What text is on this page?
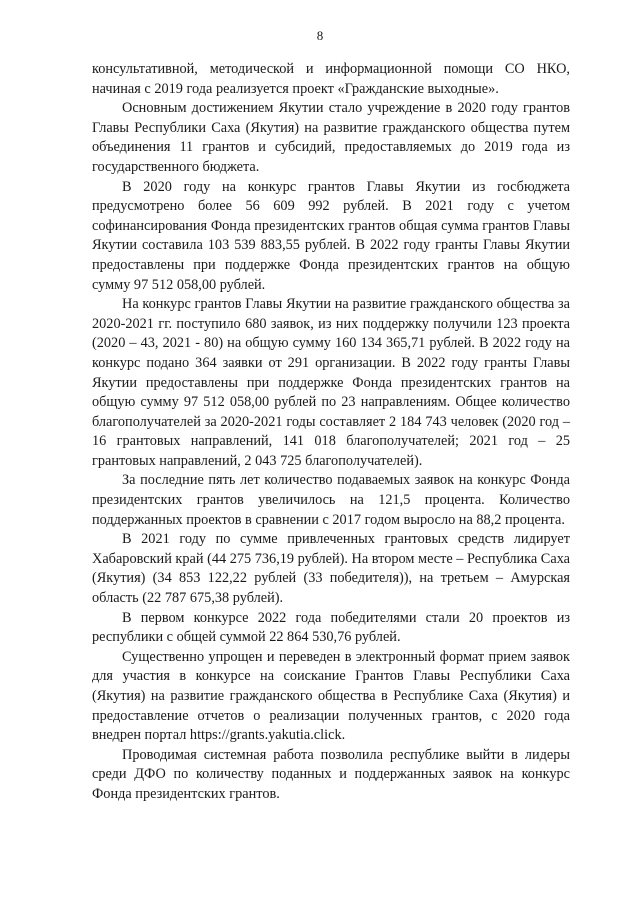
8

консультативной, методической и информационной помощи СО НКО, начиная с 2019 года реализуется проект «Гражданские выходные».

Основным достижением Якутии стало учреждение в 2020 году грантов Главы Республики Саха (Якутия) на развитие гражданского общества путем объединения 11 грантов и субсидий, предоставляемых до 2019 года из государственного бюджета.

В 2020 году на конкурс грантов Главы Якутии из госбюджета предусмотрено более 56 609 992 рублей. В 2021 году с учетом софинансирования Фонда президентских грантов общая сумма грантов Главы Якутии составила 103 539 883,55 рублей. В 2022 году гранты Главы Якутии предоставлены при поддержке Фонда президентских грантов на общую сумму 97 512 058,00 рублей.

На конкурс грантов Главы Якутии на развитие гражданского общества за 2020-2021 гг. поступило 680 заявок, из них поддержку получили 123 проекта (2020 – 43, 2021 - 80) на общую сумму 160 134 365,71 рублей. В 2022 году на конкурс подано 364 заявки от 291 организации. В 2022 году гранты Главы Якутии предоставлены при поддержке Фонда президентских грантов на общую сумму 97 512 058,00 рублей по 23 направлениям. Общее количество благополучателей за 2020-2021 годы составляет 2 184 743 человек (2020 год – 16 грантовых направлений, 141 018 благополучателей; 2021 год – 25 грантовых направлений, 2 043 725 благополучателей).

За последние пять лет количество подаваемых заявок на конкурс Фонда президентских грантов увеличилось на 121,5 процента. Количество поддержанных проектов в сравнении с 2017 годом выросло на 88,2 процента.

В 2021 году по сумме привлеченных грантовых средств лидирует Хабаровский край (44 275 736,19 рублей). На втором месте – Республика Саха (Якутия) (34 853 122,22 рублей (33 победителя)), на третьем – Амурская область (22 787 675,38 рублей).

В первом конкурсе 2022 года победителями стали 20 проектов из республики с общей суммой 22 864 530,76 рублей.

Существенно упрощен и переведен в электронный формат прием заявок для участия в конкурсе на соискание Грантов Главы Республики Саха (Якутия) на развитие гражданского общества в Республике Саха (Якутия) и предоставление отчетов о реализации полученных грантов, с 2020 года внедрен портал https://grants.yakutia.click.

Проводимая системная работа позволила республике выйти в лидеры среди ДФО по количеству поданных и поддержанных заявок на конкурс Фонда президентских грантов.
